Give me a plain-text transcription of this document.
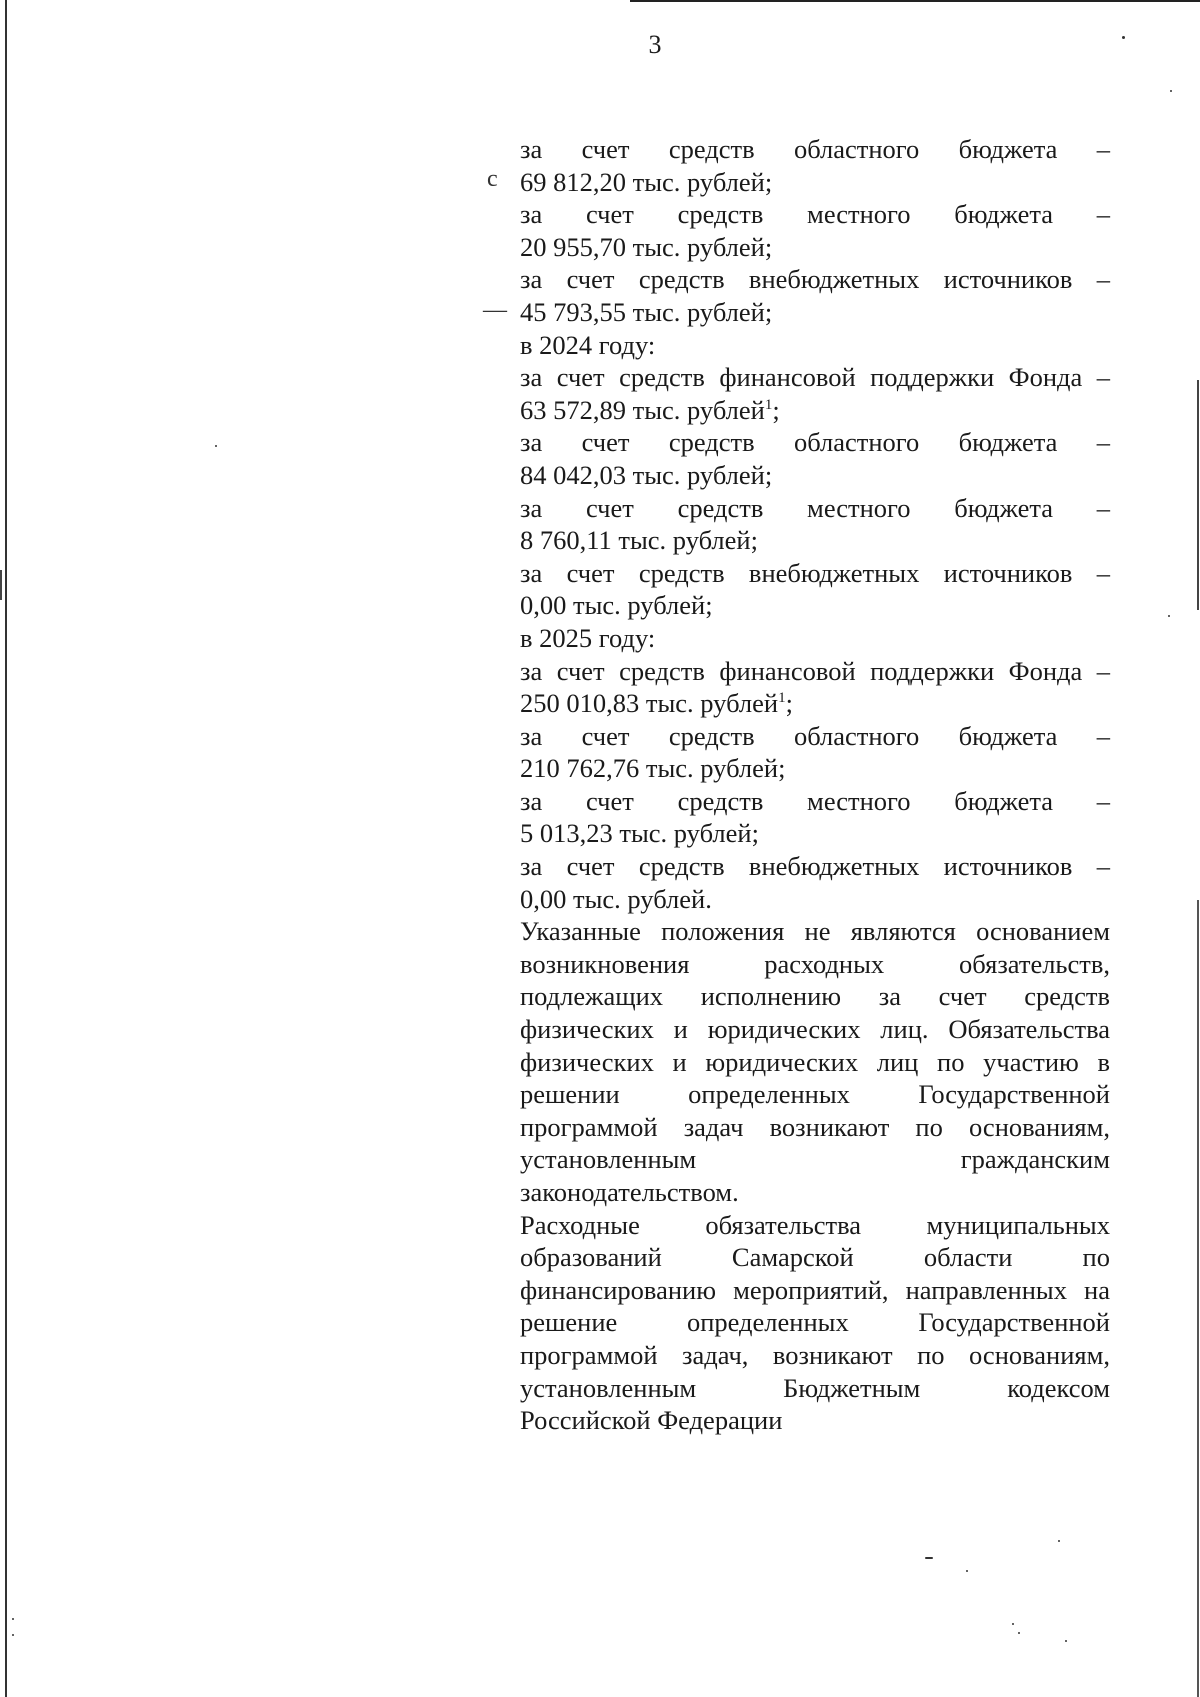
3
c
—
за счет средств областного бюджета –
69 812,20 тыс. рублей;
за счет средств местного бюджета –
20 955,70 тыс. рублей;
за счет средств внебюджетных источников –
45 793,55 тыс. рублей;
в 2024 году:
за счет средств финансовой поддержки Фонда –
63 572,89 тыс. рублей$^1$;
за счет средств областного бюджета –
84 042,03 тыс. рублей;
за счет средств местного бюджета –
8 760,11 тыс. рублей;
за счет средств внебюджетных источников –
0,00 тыс. рублей;
в 2025 году:
за счет средств финансовой поддержки Фонда –
250 010,83 тыс. рублей$^1$;
за счет средств областного бюджета –
210 762,76 тыс. рублей;
за счет средств местного бюджета –
5 013,23 тыс. рублей;
за счет средств внебюджетных источников –
0,00 тыс. рублей.
Указанные положения не являются основанием
возникновения расходных обязательств,
подлежащих исполнению за счет средств
физических и юридических лиц. Обязательства
физических и юридических лиц по участию в
решении определенных Государственной
программой задач возникают по основаниям,
установленным гражданским
законодательством.
Расходные обязательства муниципальных
образований Самарской области по
финансированию мероприятий, направленных на
решение определенных Государственной
программой задач, возникают по основаниям,
установленным Бюджетным кодексом
Российской Федерации
